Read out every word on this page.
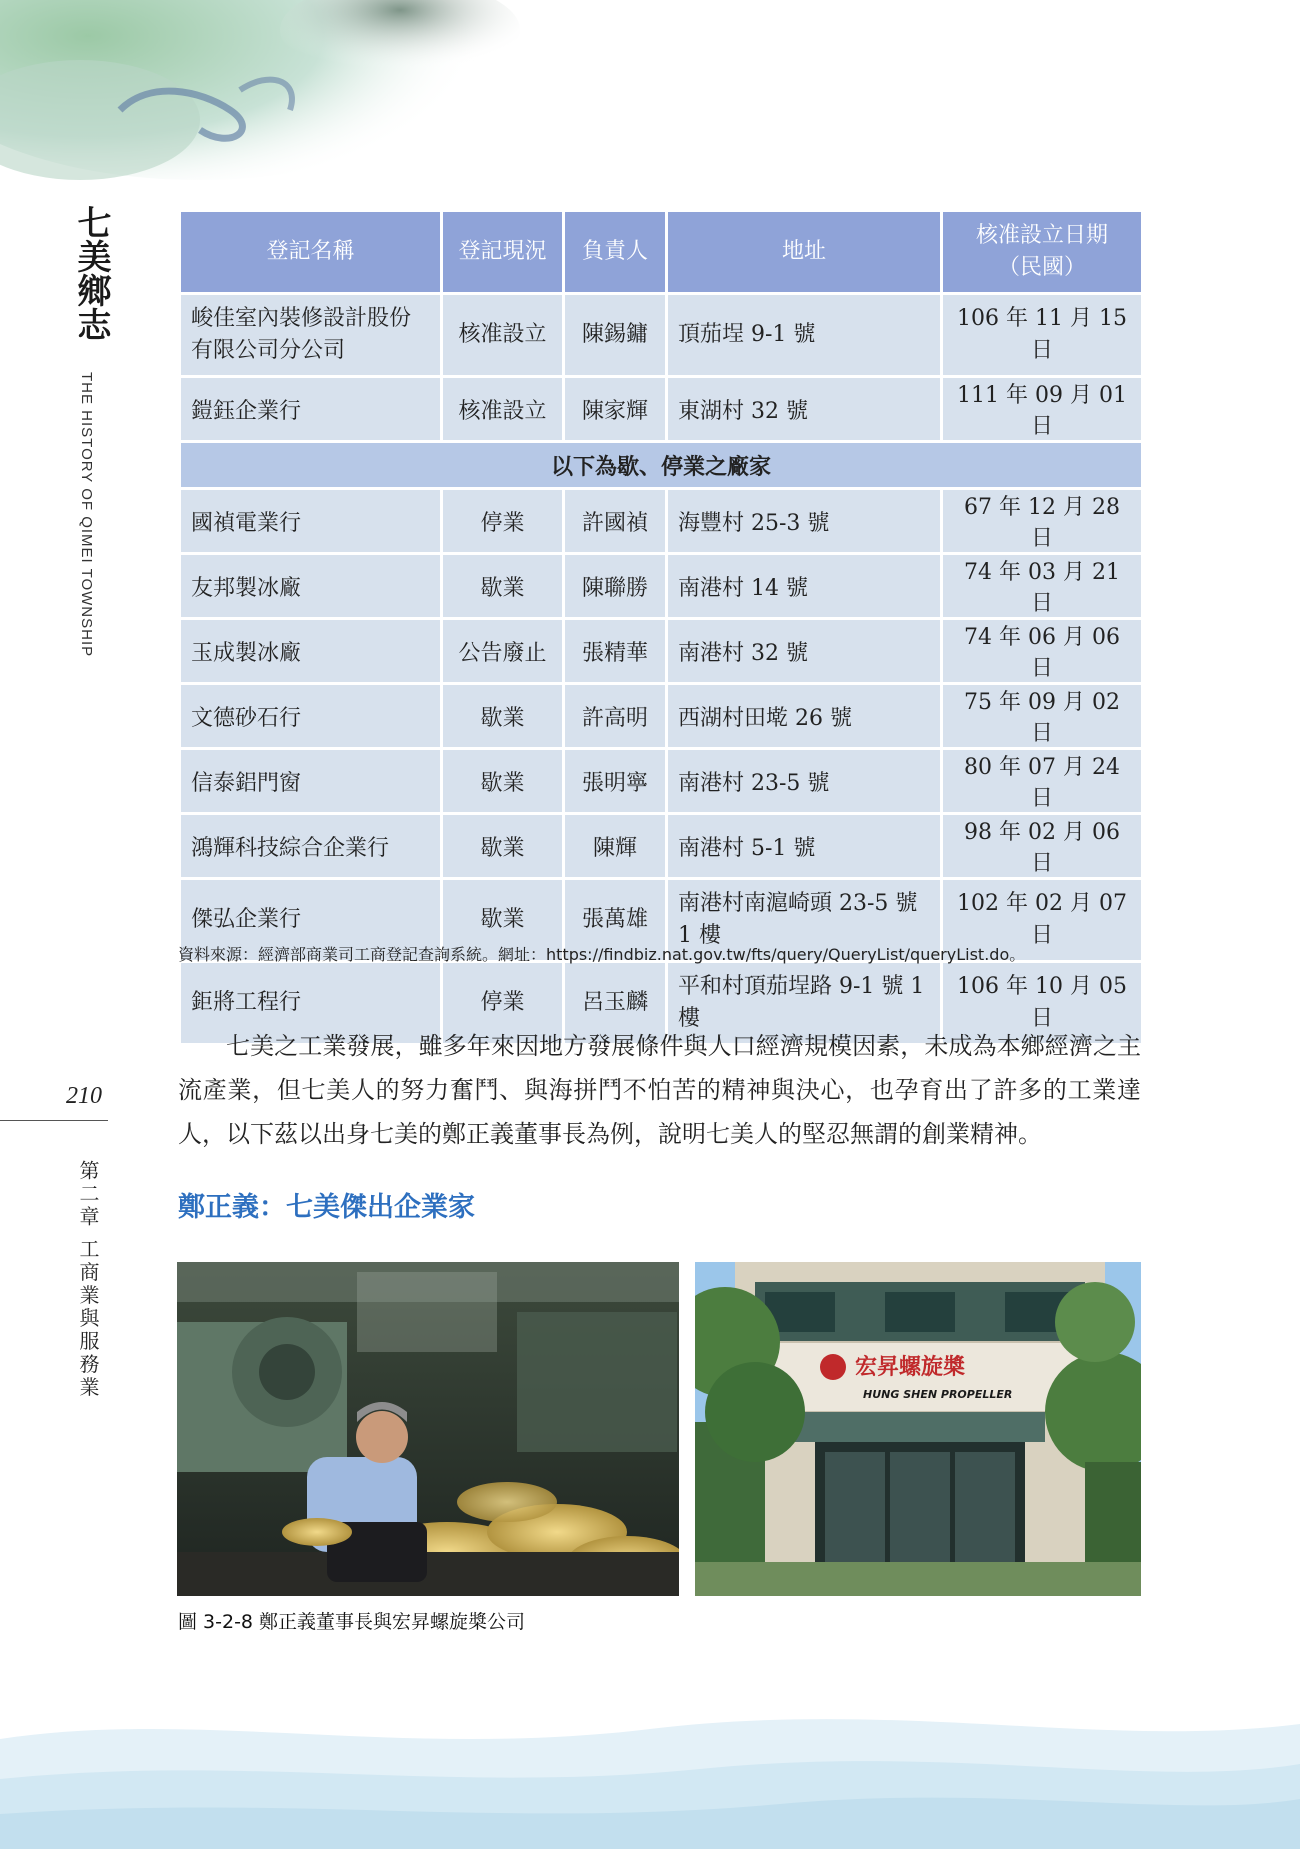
七美鄉志
THE HISTORY OF QIMEI TOWNSHIP
210
第二章 工商業與服務業
登記名稱	登記現況	負責人	地址	核准設立日期
（民國）
峻佳室內裝修設計股份有限公司分公司	核准設立	陳錫鏞	頂茄埕 9-1 號	106 年 11 月 15 日
鎧鈺企業行	核准設立	陳家輝	東湖村 32 號	111 年 09 月 01 日
以下為歇、停業之廠家				
國禎電業行	停業	許國禎	海豐村 25-3 號	67 年 12 月 28 日
友邦製冰廠	歇業	陳聯勝	南港村 14 號	74 年 03 月 21 日
玉成製冰廠	公告廢止	張精華	南港村 32 號	74 年 06 月 06 日
文德砂石行	歇業	許高明	西湖村田墘 26 號	75 年 09 月 02 日
信泰鋁門窗	歇業	張明寧	南港村 23-5 號	80 年 07 月 24 日
鴻輝科技綜合企業行	歇業	陳輝	南港村 5-1 號	98 年 02 月 06 日
傑弘企業行	歇業	張萬雄	南港村南滬崎頭 23-5 號 1 樓	102 年 02 月 07 日
鉅將工程行	停業	呂玉麟	平和村頂茄埕路 9-1 號 1 樓	106 年 10 月 05 日
資料來源：經濟部商業司工商登記查詢系統。網址：https://findbiz.nat.gov.tw/fts/query/QueryList/queryList.do。

七美之工業發展，雖多年來因地方發展條件與人口經濟規模因素，未成為本鄉經濟之主流產業，但七美人的努力奮鬥、與海拼鬥不怕苦的精神與決心，也孕育出了許多的工業達人，以下茲以出身七美的鄭正義董事長為例，說明七美人的堅忍無謂的創業精神。

鄭正義：七美傑出企業家
宏昇螺旋槳
HUNG SHEN PROPELLER
圖 3-2-8 鄭正義董事長與宏昇螺旋槳公司
